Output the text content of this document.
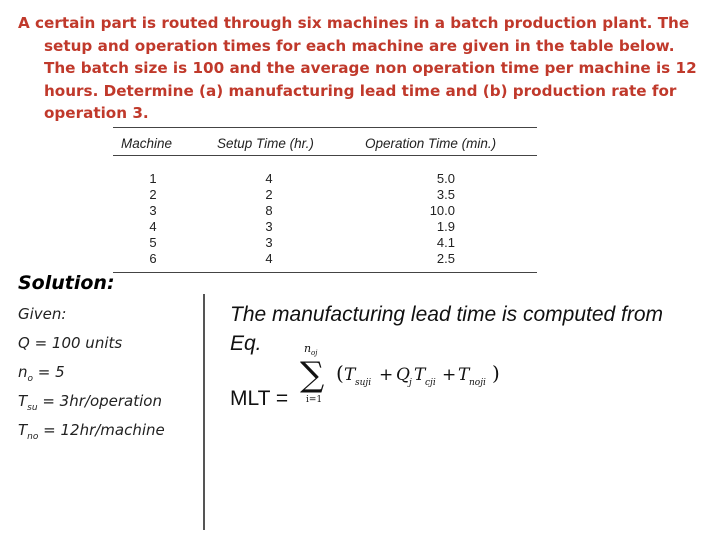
A certain part is routed through six machines in a batch production plant. The
setup and operation times for each machine are given in the table below. The batch size is 100 and the average non operation time per machine is 12 hours. Determine (a) manufacturing lead time and (b) production rate for operation 3.
Machine	Setup Time (hr.)	Operation Time (min.)
1
2
3
4
5
6
4
2
8
3
3
4
5.0
3.5
10.0
1.9
4.1
2.5
Solution:
Given:
Q = 100 units
$n_o = 5$
$T_{su}$ = 3hr/operation
$T_{no}$ = 12hr/machine
The manufacturing lead time is computed from Eq.
MLT =
n oj
∑
i=1
( T suji + Q j T cji + T noji )
